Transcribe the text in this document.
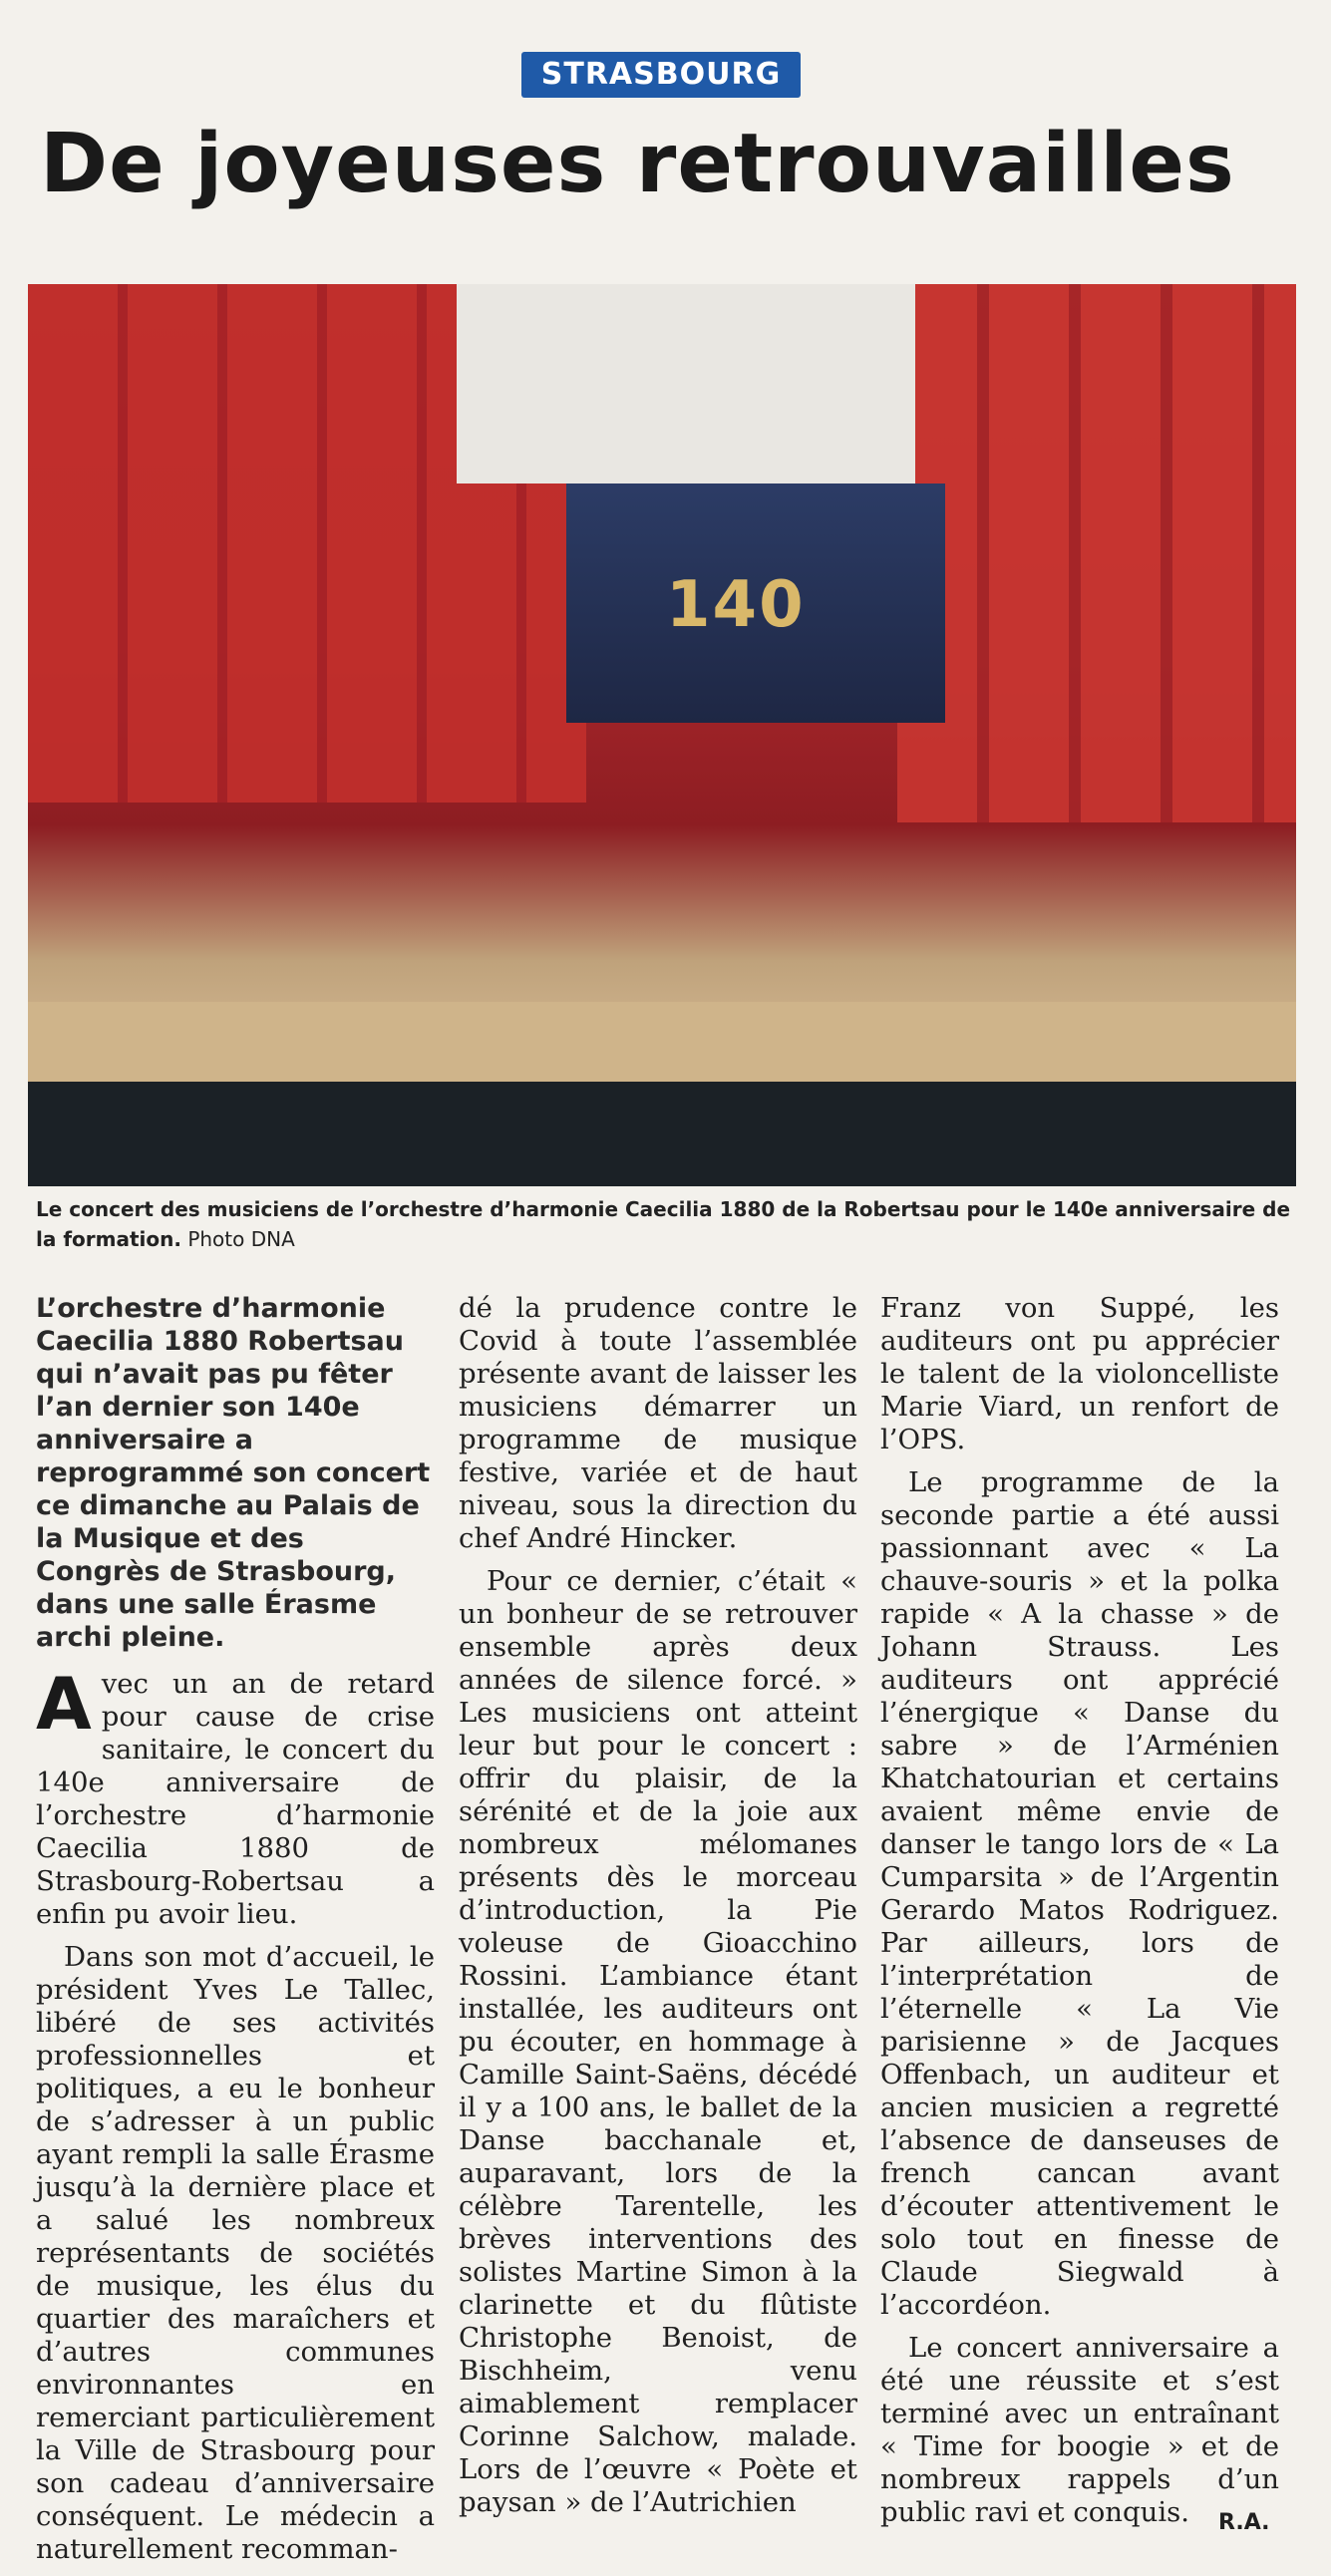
STRASBOURG
De joyeuses retrouvailles
140
Le concert des musiciens de l’orchestre d’harmonie Caecilia 1880 de la Robertsau pour le 140e anniversaire de la formation. Photo DNA

L’orchestre d’harmonie Caecilia 1880 Robertsau qui n’avait pas pu fêter l’an dernier son 140e anniversaire a reprogrammé son concert ce dimanche au Palais de la Musique et des Congrès de Strasbourg, dans une salle Érasme archi pleine.

Avec un an de retard pour cause de crise sanitaire, le concert du 140e anniversaire de l’orchestre d’harmonie Caecilia 1880 de Strasbourg-Robertsau a enfin pu avoir lieu.

Dans son mot d’accueil, le président Yves Le Tallec, libéré de ses activités professionnelles et politiques, a eu le bonheur de s’adresser à un public ayant rempli la salle Érasme jusqu’à la dernière place et a salué les nombreux représentants de sociétés de musique, les élus du quartier des maraîchers et d’autres communes environnantes en remerciant particulièrement la Ville de Strasbourg pour son cadeau d’anniversaire conséquent. Le médecin a naturellement recomman-

dé la prudence contre le Covid à toute l’assemblée présente avant de laisser les musiciens démarrer un programme de musique festive, variée et de haut niveau, sous la direction du chef André Hincker.

Pour ce dernier, c’était « un bonheur de se retrouver ensemble après deux années de silence forcé. » Les musiciens ont atteint leur but pour le concert : offrir du plaisir, de la sérénité et de la joie aux nombreux mélomanes présents dès le morceau d’introduction, la Pie voleuse de Gioacchino Rossini. L’ambiance étant installée, les auditeurs ont pu écouter, en hommage à Camille Saint-Saëns, décédé il y a 100 ans, le ballet de la Danse bacchanale et, auparavant, lors de la célèbre Tarentelle, les brèves interventions des solistes Martine Simon à la clarinette et du flûtiste Christophe Benoist, de Bischheim, venu aimablement remplacer Corinne Salchow, malade. Lors de l’œuvre « Poète et paysan » de l’Autrichien

Franz von Suppé, les auditeurs ont pu apprécier le talent de la violoncelliste Marie Viard, un renfort de l’OPS.

Le programme de la seconde partie a été aussi passionnant avec « La chauve-souris » et la polka rapide « A la chasse » de Johann Strauss. Les auditeurs ont apprécié l’énergique « Danse du sabre » de l’Arménien Khatchatourian et certains avaient même envie de danser le tango lors de « La Cumparsita » de l’Argentin Gerardo Matos Rodriguez. Par ailleurs, lors de l’interprétation de l’éternelle « La Vie parisienne » de Jacques Offenbach, un auditeur et ancien musicien a regretté l’absence de danseuses de french cancan avant d’écouter attentivement le solo tout en finesse de Claude Siegwald à l’accordéon.

Le concert anniversaire a été une réussite et s’est terminé avec un entraînant « Time for boogie » et de nombreux rappels d’un public ravi et conquis.	R.A.
